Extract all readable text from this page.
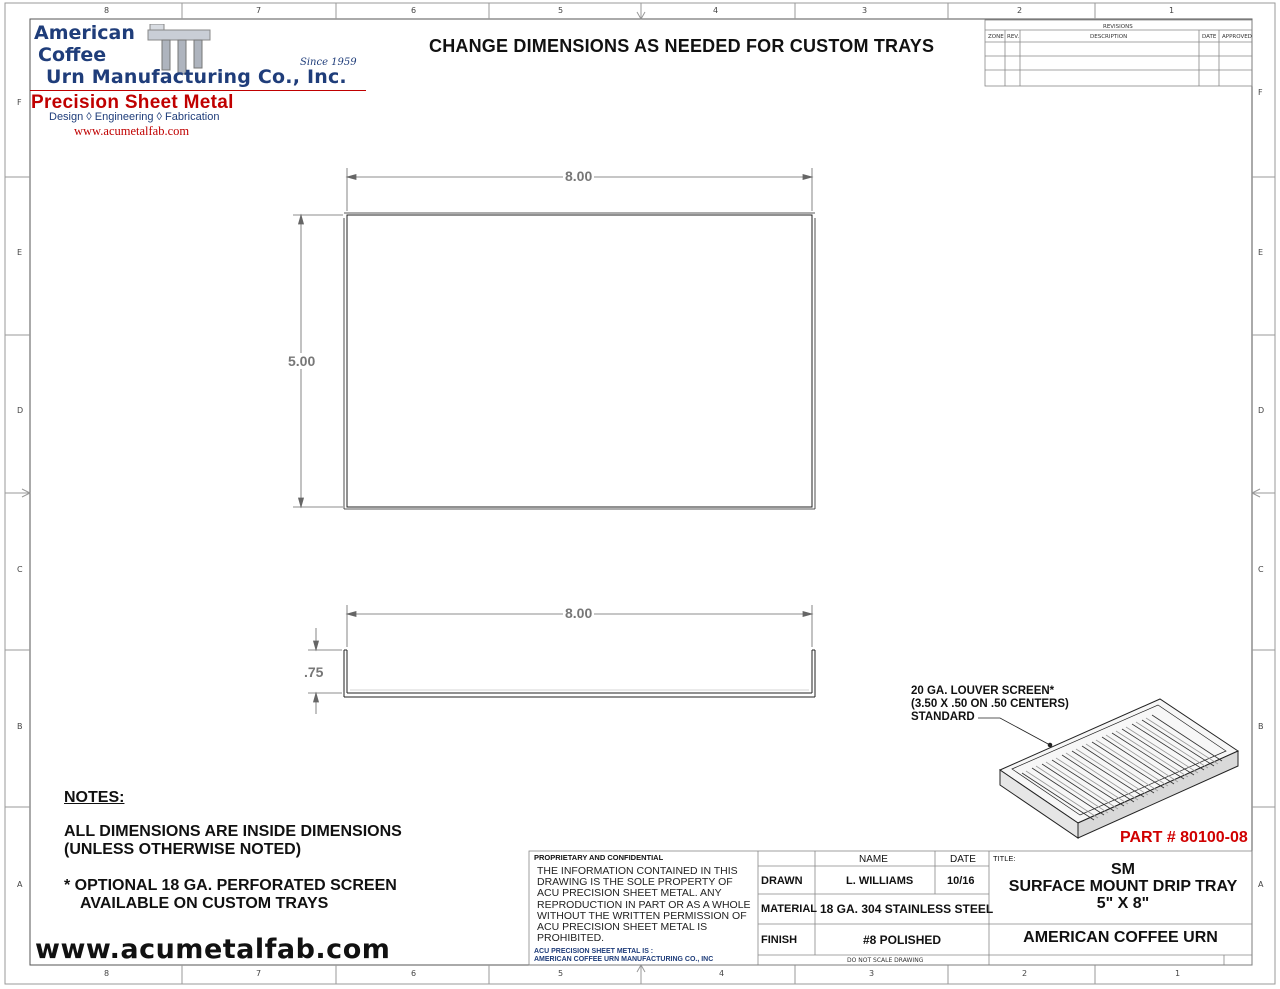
8	7	6	5	4	3	2	1
8	7	6	5	4	3	2	1
F
E
D
C
B
A
F
E
D
C
B
A
American
Coffee
Urn Manufacturing Co., Inc.
Since 1959
Precision Sheet Metal
Design ◊ Engineering ◊ Fabrication
www.acumetalfab.com
CHANGE DIMENSIONS AS NEEDED FOR CUSTOM TRAYS
REVISIONS
ZONE REV.	DESCRIPTION	DATE APPROVED
8.00
5.00
8.00
.75
20 GA. LOUVER SCREEN*
(3.50 X .50 ON .50 CENTERS)
STANDARD
PART # 80100-08
NOTES:
ALL DIMENSIONS ARE INSIDE DIMENSIONS
(UNLESS OTHERWISE NOTED)
* OPTIONAL 18 GA. PERFORATED SCREEN
AVAILABLE ON CUSTOM TRAYS
www.acumetalfab.com
PROPRIETARY AND CONFIDENTIAL
THE INFORMATION CONTAINED IN THIS DRAWING IS THE SOLE PROPERTY OF ACU PRECISION SHEET METAL. ANY REPRODUCTION IN PART OR AS A WHOLE WITHOUT THE WRITTEN PERMISSION OF ACU PRECISION SHEET METAL IS PROHIBITED.
ACU PRECISION SHEET METAL IS :
AMERICAN COFFEE URN MANUFACTURING CO., INC
NAME	DATE
DRAWN	L. WILLIAMS	10/16
MATERIAL 18 GA. 304 STAINLESS STEEL
FINISH	#8 POLISHED
DO NOT SCALE DRAWING
TITLE:
SM
SURFACE MOUNT DRIP TRAY
5" X 8"
AMERICAN COFFEE URN
